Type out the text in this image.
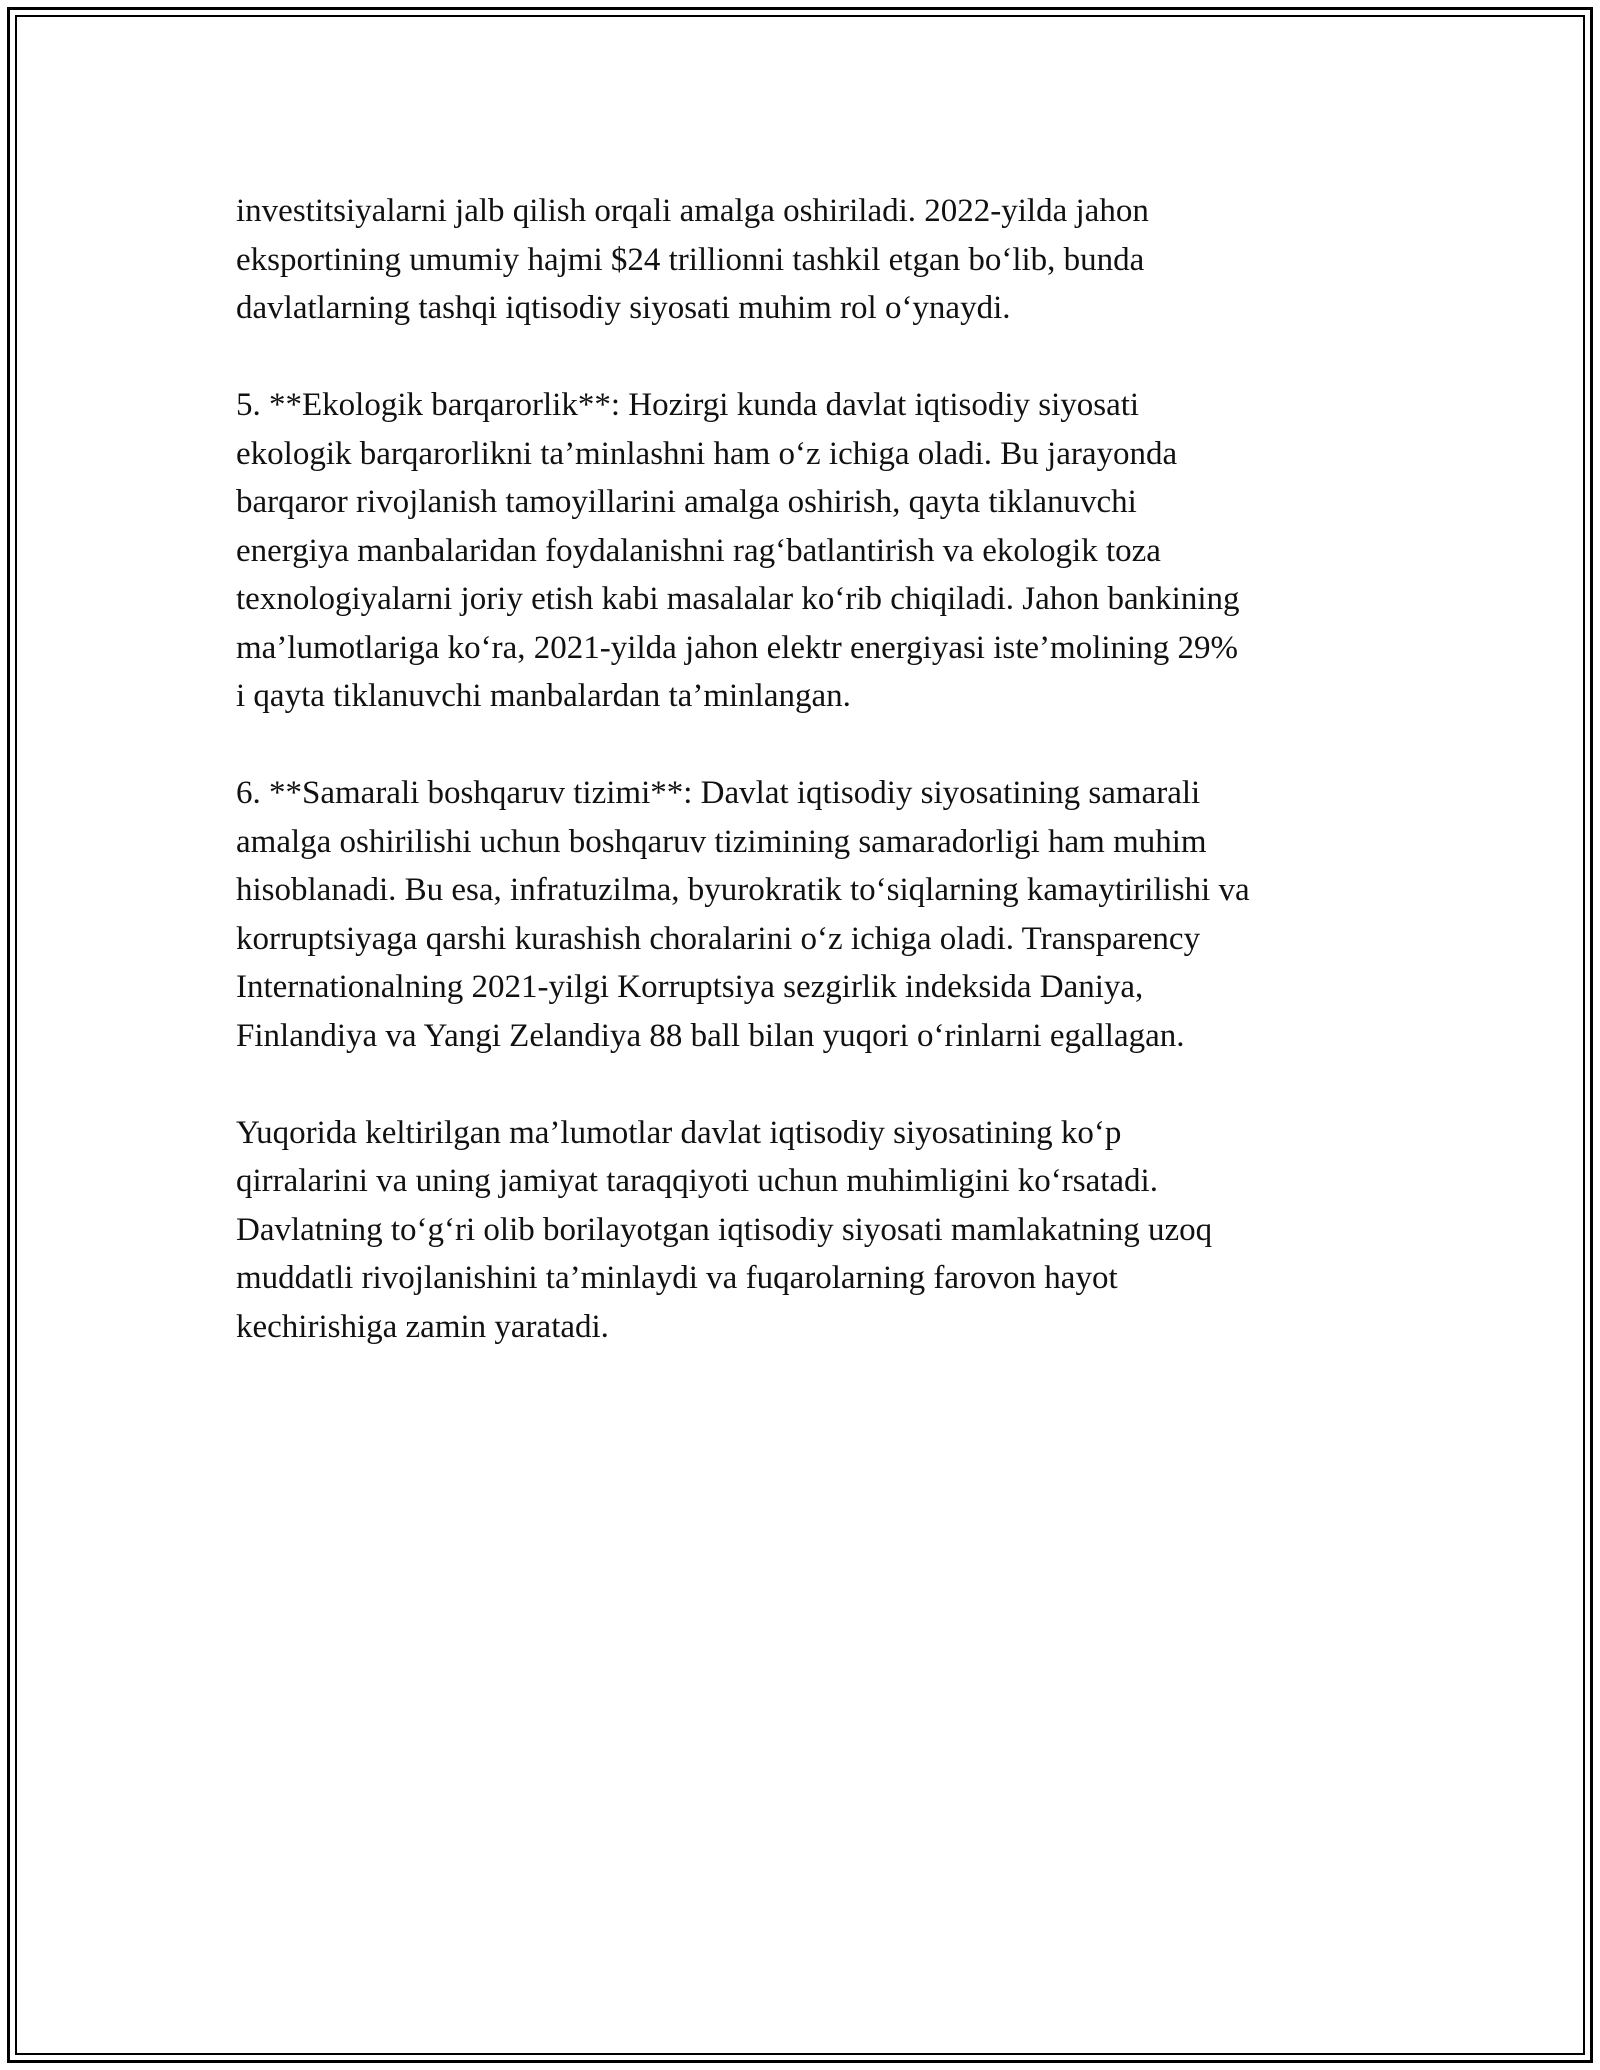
investitsiyalarni jalb qilish orqali amalga oshiriladi. 2022-yilda jahon
eksportining umumiy hajmi $24 trillionni tashkil etgan bo‘lib, bunda
davlatlarning tashqi iqtisodiy siyosati muhim rol o‘ynaydi.

5. **Ekologik barqarorlik**: Hozirgi kunda davlat iqtisodiy siyosati
ekologik barqarorlikni ta’minlashni ham o‘z ichiga oladi. Bu jarayonda
barqaror rivojlanish tamoyillarini amalga oshirish, qayta tiklanuvchi
energiya manbalaridan foydalanishni rag‘batlantirish va ekologik toza
texnologiyalarni joriy etish kabi masalalar ko‘rib chiqiladi. Jahon bankining
ma’lumotlariga ko‘ra, 2021-yilda jahon elektr energiyasi iste’molining 29%
i qayta tiklanuvchi manbalardan ta’minlangan.

6. **Samarali boshqaruv tizimi**: Davlat iqtisodiy siyosatining samarali
amalga oshirilishi uchun boshqaruv tizimining samaradorligi ham muhim
hisoblanadi. Bu esa, infratuzilma, byurokratik to‘siqlarning kamaytirilishi va
korruptsiyaga qarshi kurashish choralarini o‘z ichiga oladi. Transparency
Internationalning 2021-yilgi Korruptsiya sezgirlik indeksida Daniya,
Finlandiya va Yangi Zelandiya 88 ball bilan yuqori o‘rinlarni egallagan.

Yuqorida keltirilgan ma’lumotlar davlat iqtisodiy siyosatining ko‘p
qirralarini va uning jamiyat taraqqiyoti uchun muhimligini ko‘rsatadi.
Davlatning to‘g‘ri olib borilayotgan iqtisodiy siyosati mamlakatning uzoq
muddatli rivojlanishini ta’minlaydi va fuqarolarning farovon hayot
kechirishiga zamin yaratadi.
